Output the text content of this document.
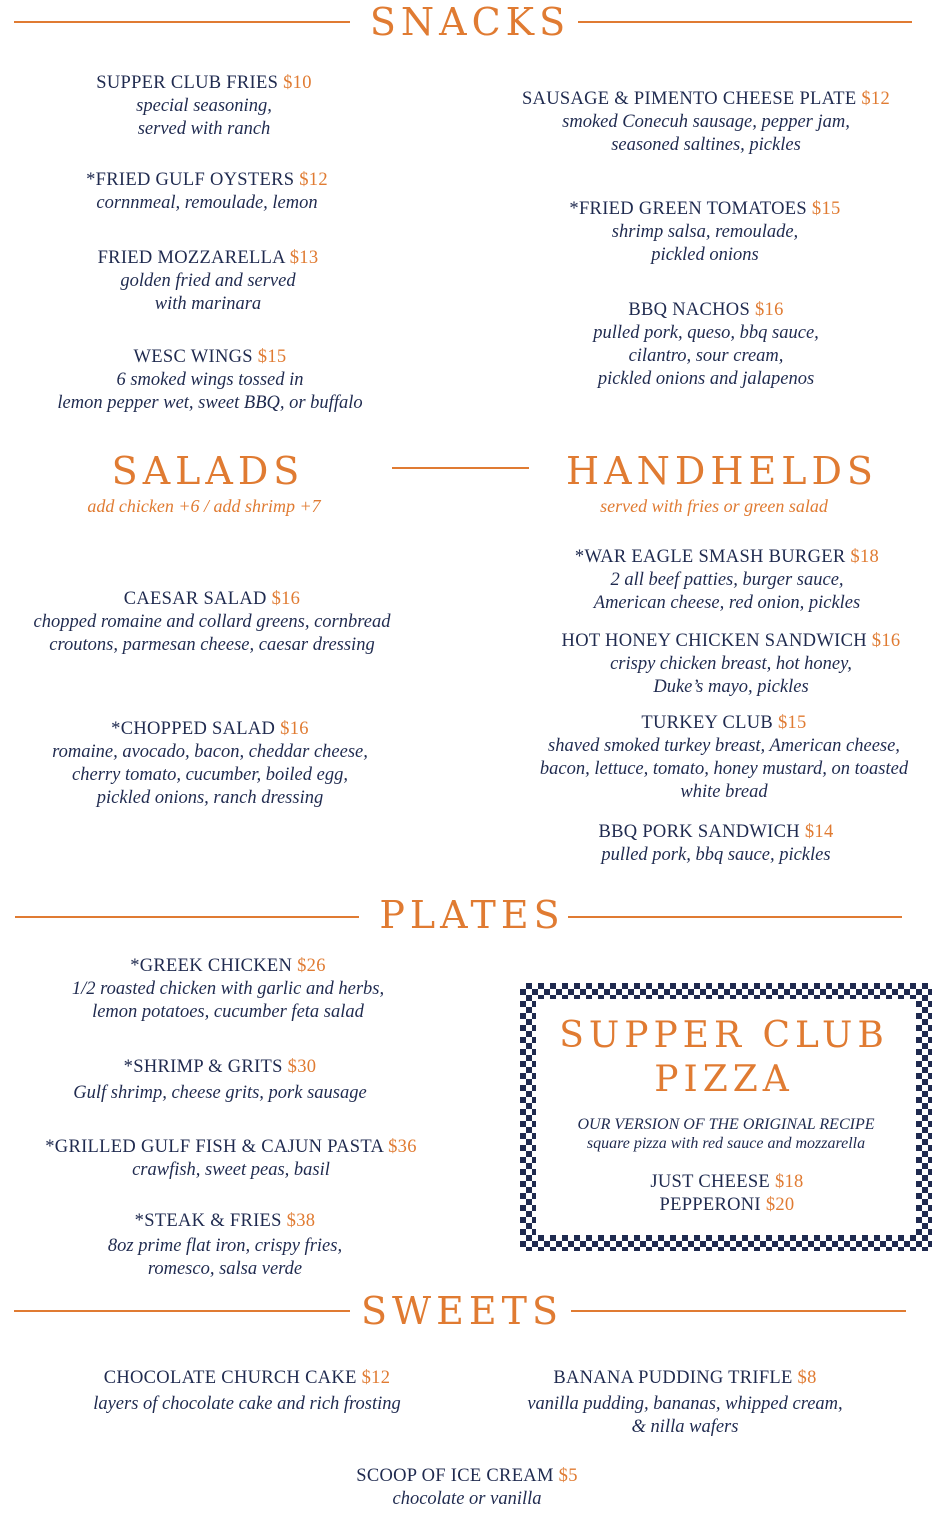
SNACKS
SUPPER CLUB FRIES $10
special seasoning,
served with ranch
*FRIED GULF OYSTERS $12
cornnmeal, remoulade, lemon
FRIED MOZZARELLA $13
golden fried and served
with marinara
WESC WINGS $15
6 smoked wings tossed in
lemon pepper wet, sweet BBQ, or buffalo
SAUSAGE & PIMENTO CHEESE PLATE $12
smoked Conecuh sausage, pepper jam,
seasoned saltines, pickles
*FRIED GREEN TOMATOES $15
shrimp salsa, remoulade,
pickled onions
BBQ NACHOS $16
pulled pork, queso, bbq sauce,
cilantro, sour cream,
pickled onions and jalapenos
SALADS	HANDHELDS
add chicken +6 / add shrimp +7	served with fries or green salad
CAESAR SALAD $16
chopped romaine and collard greens, cornbread
croutons, parmesan cheese, caesar dressing
*CHOPPED SALAD $16
romaine, avocado, bacon, cheddar cheese,
cherry tomato, cucumber, boiled egg,
pickled onions, ranch dressing
*WAR EAGLE SMASH BURGER $18
2 all beef patties, burger sauce,
American cheese, red onion, pickles
HOT HONEY CHICKEN SANDWICH $16
crispy chicken breast, hot honey,
Duke’s mayo, pickles
TURKEY CLUB $15
shaved smoked turkey breast, American cheese,
bacon, lettuce, tomato, honey mustard, on toasted
white bread
BBQ PORK SANDWICH $14
pulled pork, bbq sauce, pickles
PLATES
*GREEK CHICKEN $26
1/2 roasted chicken with garlic and herbs,
lemon potatoes, cucumber feta salad
*SHRIMP & GRITS $30
Gulf shrimp, cheese grits, pork sausage
*GRILLED GULF FISH & CAJUN PASTA $36
crawfish, sweet peas, basil
*STEAK & FRIES $38
8oz prime flat iron, crispy fries,
romesco, salsa verde
SUPPER CLUB
PIZZA
OUR VERSION OF THE ORIGINAL RECIPE
square pizza with red sauce and mozzarella
JUST CHEESE $18
PEPPERONI $20
SWEETS
CHOCOLATE CHURCH CAKE $12
layers of chocolate cake and rich frosting
BANANA PUDDING TRIFLE $8
vanilla pudding, bananas, whipped cream,
& nilla wafers
SCOOP OF ICE CREAM $5
chocolate or vanilla
